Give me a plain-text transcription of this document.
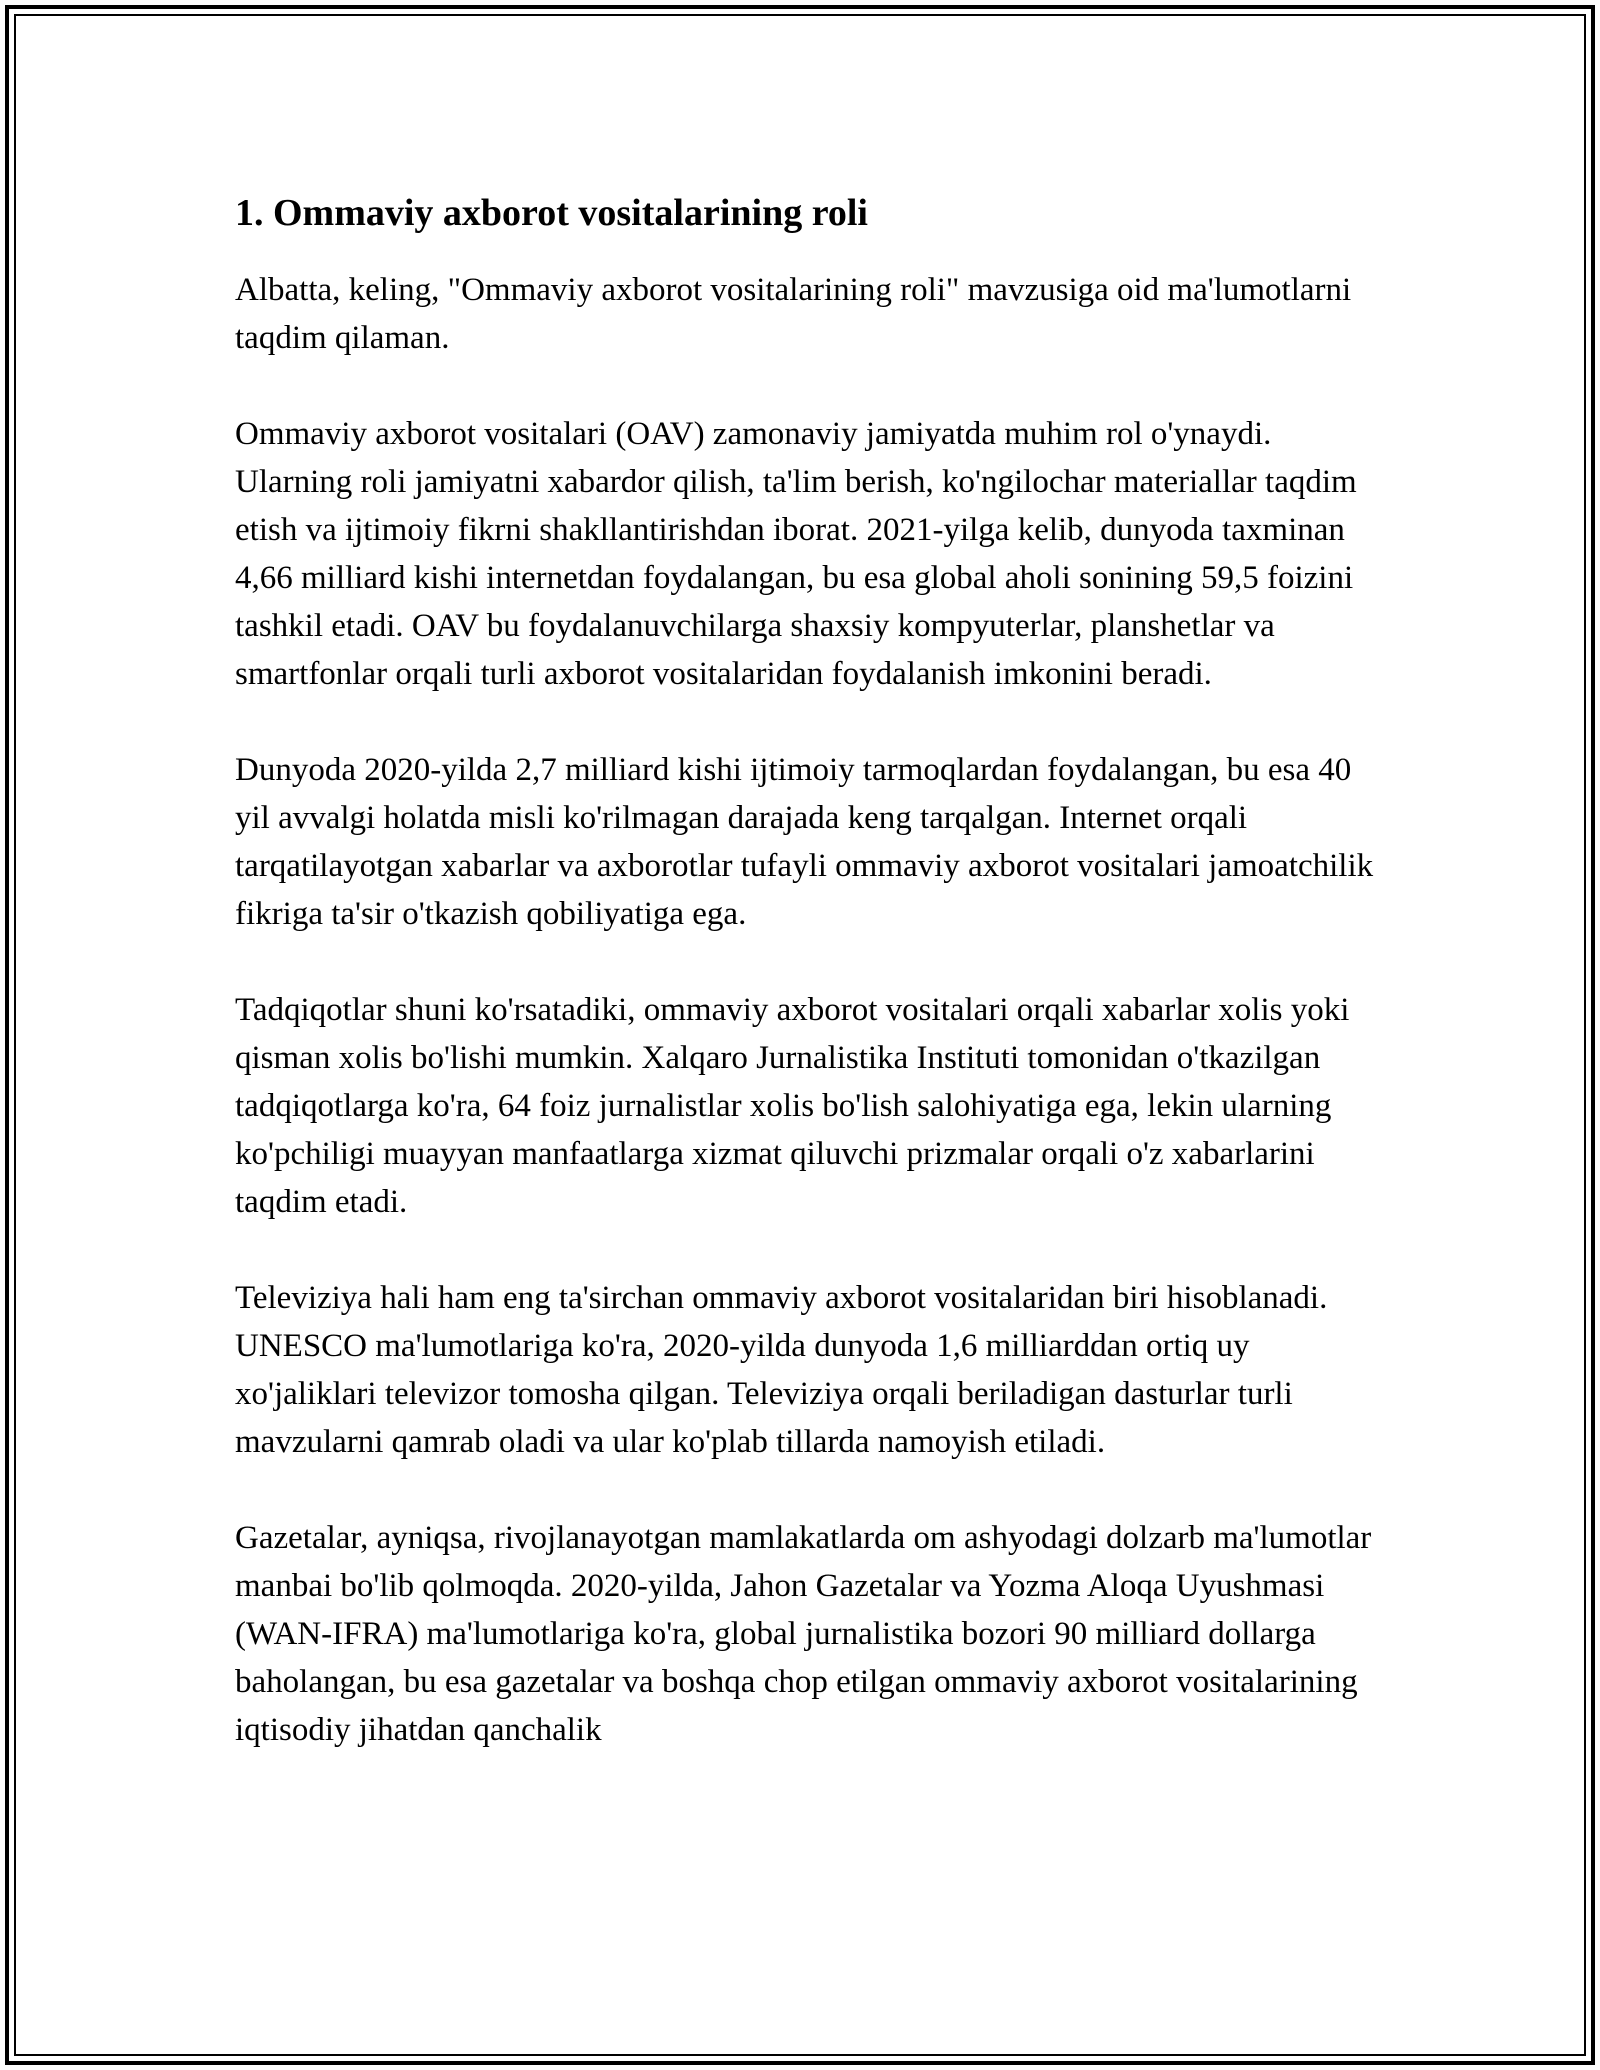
1. Ommaviy axborot vositalarining roli

Albatta, keling, "Ommaviy axborot vositalarining roli" mavzusiga oid ma'lumotlarni taqdim qilaman.

Ommaviy axborot vositalari (OAV) zamonaviy jamiyatda muhim rol o'ynaydi. Ularning roli jamiyatni xabardor qilish, ta'lim berish, ko'ngilochar materiallar taqdim etish va ijtimoiy fikrni shakllantirishdan iborat. 2021-yilga kelib, dunyoda taxminan 4,66 milliard kishi internetdan foydalangan, bu esa global aholi sonining 59,5 foizini tashkil etadi. OAV bu foydalanuvchilarga shaxsiy kompyuterlar, planshetlar va smartfonlar orqali turli axborot vositalaridan foydalanish imkonini beradi.

Dunyoda 2020-yilda 2,7 milliard kishi ijtimoiy tarmoqlardan foydalangan, bu esa 40 yil avvalgi holatda misli ko'rilmagan darajada keng tarqalgan. Internet orqali tarqatilayotgan xabarlar va axborotlar tufayli ommaviy axborot vositalari jamoatchilik fikriga ta'sir o'tkazish qobiliyatiga ega.

Tadqiqotlar shuni ko'rsatadiki, ommaviy axborot vositalari orqali xabarlar xolis yoki qisman xolis bo'lishi mumkin. Xalqaro Jurnalistika Instituti tomonidan o'tkazilgan tadqiqotlarga ko'ra, 64 foiz jurnalistlar xolis bo'lish salohiyatiga ega, lekin ularning ko'pchiligi muayyan manfaatlarga xizmat qiluvchi prizmalar orqali o'z xabarlarini taqdim etadi.

Televiziya hali ham eng ta'sirchan ommaviy axborot vositalaridan biri hisoblanadi. UNESCO ma'lumotlariga ko'ra, 2020-yilda dunyoda 1,6 milliarddan ortiq uy xo'jaliklari televizor tomosha qilgan. Televiziya orqali beriladigan dasturlar turli mavzularni qamrab oladi va ular ko'plab tillarda namoyish etiladi.

Gazetalar, ayniqsa, rivojlanayotgan mamlakatlarda om ashyodagi dolzarb ma'lumotlar manbai bo'lib qolmoqda. 2020-yilda, Jahon Gazetalar va Yozma Aloqa Uyushmasi (WAN-IFRA) ma'lumotlariga ko'ra, global jurnalistika bozori 90 milliard dollarga baholangan, bu esa gazetalar va boshqa chop etilgan ommaviy axborot vositalarining iqtisodiy jihatdan qanchalik
